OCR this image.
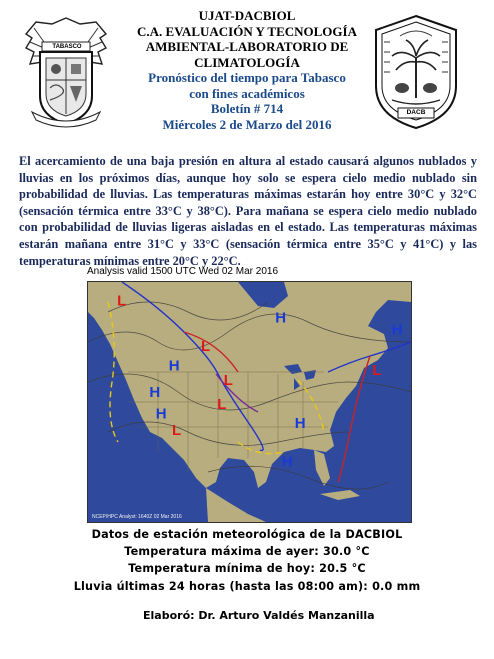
TABASCO
UJAT-DACBIOL
C.A. EVALUACIÓN Y TECNOLOGÍA
AMBIENTAL-LABORATORIO DE
CLIMATOLOGÍA
Pronóstico del tiempo para Tabasco
con fines académicos
Boletín # 714
Miércoles 2 de Marzo del 2016
DACB
El acercamiento de una baja presión en altura al estado causará algunos nublados y lluvias en los próximos días, aunque hoy solo se espera cielo medio nublado sin probabilidad de lluvias. Las temperaturas máximas estarán hoy entre 30°C y 32°C (sensación térmica entre 33°C y 38°C). Para mañana se espera cielo medio nublado con probabilidad de lluvias ligeras aisladas en el estado. Las temperaturas máximas estarán mañana entre 31°C y 33°C (sensación térmica entre 35°C y 41°C) y las temperaturas mínimas entre 20°C y 22°C.
Analysis valid 1500 UTC Wed 02 Mar 2016
H
H
H
H
H
H
H
L
L
L
L
L
L
NCEP/HPC Analyst: 1640Z 02 Mar 2016
Datos de estación meteorológica de la DACBIOL
Temperatura máxima de ayer: 30.0 °C
Temperatura mínima de hoy: 20.5 °C
Lluvia últimas 24 horas (hasta las 08:00 am): 0.0 mm
Elaboró: Dr. Arturo Valdés Manzanilla
